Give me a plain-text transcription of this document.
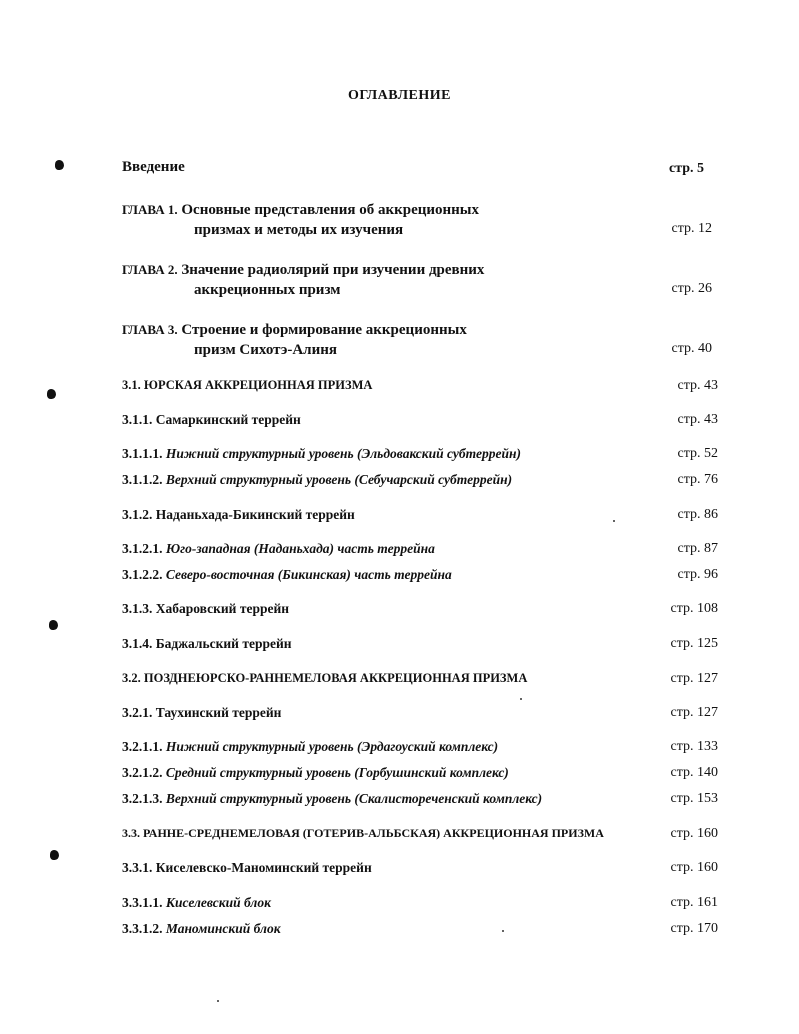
ОГЛАВЛЕНИЕ
Введение	стр. 5
ГЛАВА 1. Основные представления об аккреционных
призмах и методы их изучения	стр. 12
ГЛАВА 2. Значение радиолярий при изучении древних
аккреционных призм	стр. 26
ГЛАВА 3. Строение и формирование аккреционных
призм Сихотэ-Алиня	стр. 40
3.1. ЮРСКАЯ АККРЕЦИОННАЯ ПРИЗМА	стр. 43
3.1.1. Самаркинский террейн	стр. 43
3.1.1.1. Нижний структурный уровень (Эльдовакский субтеррейн)	стр. 52
3.1.1.2. Верхний структурный уровень (Себучарский субтеррейн)	стр. 76
3.1.2. Наданьхада-Бикинский террейн	стр. 86
3.1.2.1. Юго-западная (Наданьхада) часть террейна	стр. 87
3.1.2.2. Северо-восточная (Бикинская) часть террейна	стр. 96
3.1.3. Хабаровский террейн	стр. 108
3.1.4. Баджальский террейн	стр. 125
3.2. ПОЗДНЕЮРСКО-РАННЕМЕЛОВАЯ АККРЕЦИОННАЯ ПРИЗМА	стр. 127
3.2.1. Таухинский террейн	стр. 127
3.2.1.1. Нижний структурный уровень (Эрдагоуский комплекс)	стр. 133
3.2.1.2. Средний структурный уровень (Горбушинский комплекс)	стр. 140
3.2.1.3. Верхний структурный уровень (Скалистореченский комплекс)	стр. 153
3.3. РАННЕ-СРЕДНЕМЕЛОВАЯ (ГОТЕРИВ-АЛЬБСКАЯ) АККРЕЦИОННАЯ ПРИЗМА	стр. 160
3.3.1. Киселевско-Маноминский террейн	стр. 160
3.3.1.1. Киселевский блок	стр. 161
3.3.1.2. Маноминский блок	стр. 170
